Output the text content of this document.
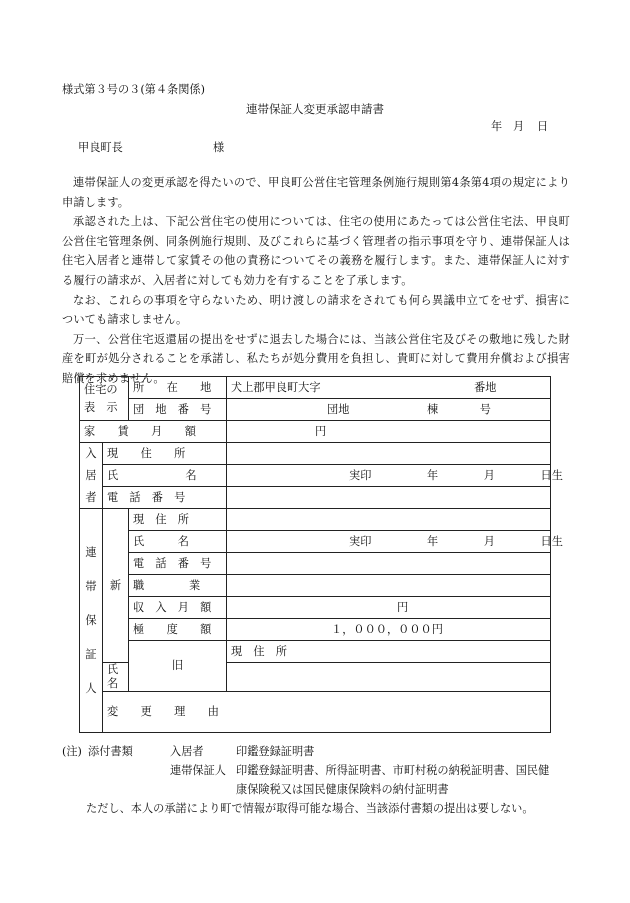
様式第３号の３(第４条関係)
連帯保証人変更承認申請書
年 月 日
甲良町長	様

連帯保証人の変更承認を得たいので、甲良町公営住宅管理条例施行規則第4条第4項の規定により申請します。

承認された上は、下記公営住宅の使用については、住宅の使用にあたっては公営住宅法、甲良町公営住宅管理条例、同条例施行規則、及びこれらに基づく管理者の指示事項を守り、連帯保証人は住宅入居者と連帯して家賃その他の責務についてその義務を履行します。また、連帯保証人に対する履行の請求が、入居者に対しても効力を有することを了承します。

なお、これらの事項を守らないため、明け渡しの請求をされても何ら異議申立てをせず、損害についても請求しません。

万一、公営住宅返還届の提出をせずに退去した場合には、当該公営住宅及びその敷地に残した財産を町が処分されることを承諾し、私たちが処分費用を負担し、貴町に対して費用弁償および損害賠償を求めません。

住宅の
表　示		所　　在　　地	犬上郡甲良町大字 番地	
		団　地　番　号	団地 棟 号	
家　　賃　　月　　額			円	

入
居
者	現　　住　　所			
	氏　　　　　　名		実印 年 月 日生	
	電　話　番　号			

連
帯
保
証
人	新	現　住　所		
		氏　　　名	実印 年 月 日生	
		電　話　番　号		
		職　　　　業		
		収　入　月　額	円	
		極　　度　　額	１，０００，０００円	
		旧	現　住　所	
	氏　　　名			
	変　　更　　理　　由			
(注) 添付書類	入居者	印鑑登録証明書
連帯保証人 印鑑登録証明書、所得証明書、市町村税の納税証明書、国民健
康保険税又は国民健康保険料の納付証明書
ただし、本人の承諾により町で情報が取得可能な場合、当該添付書類の提出は要しない。
